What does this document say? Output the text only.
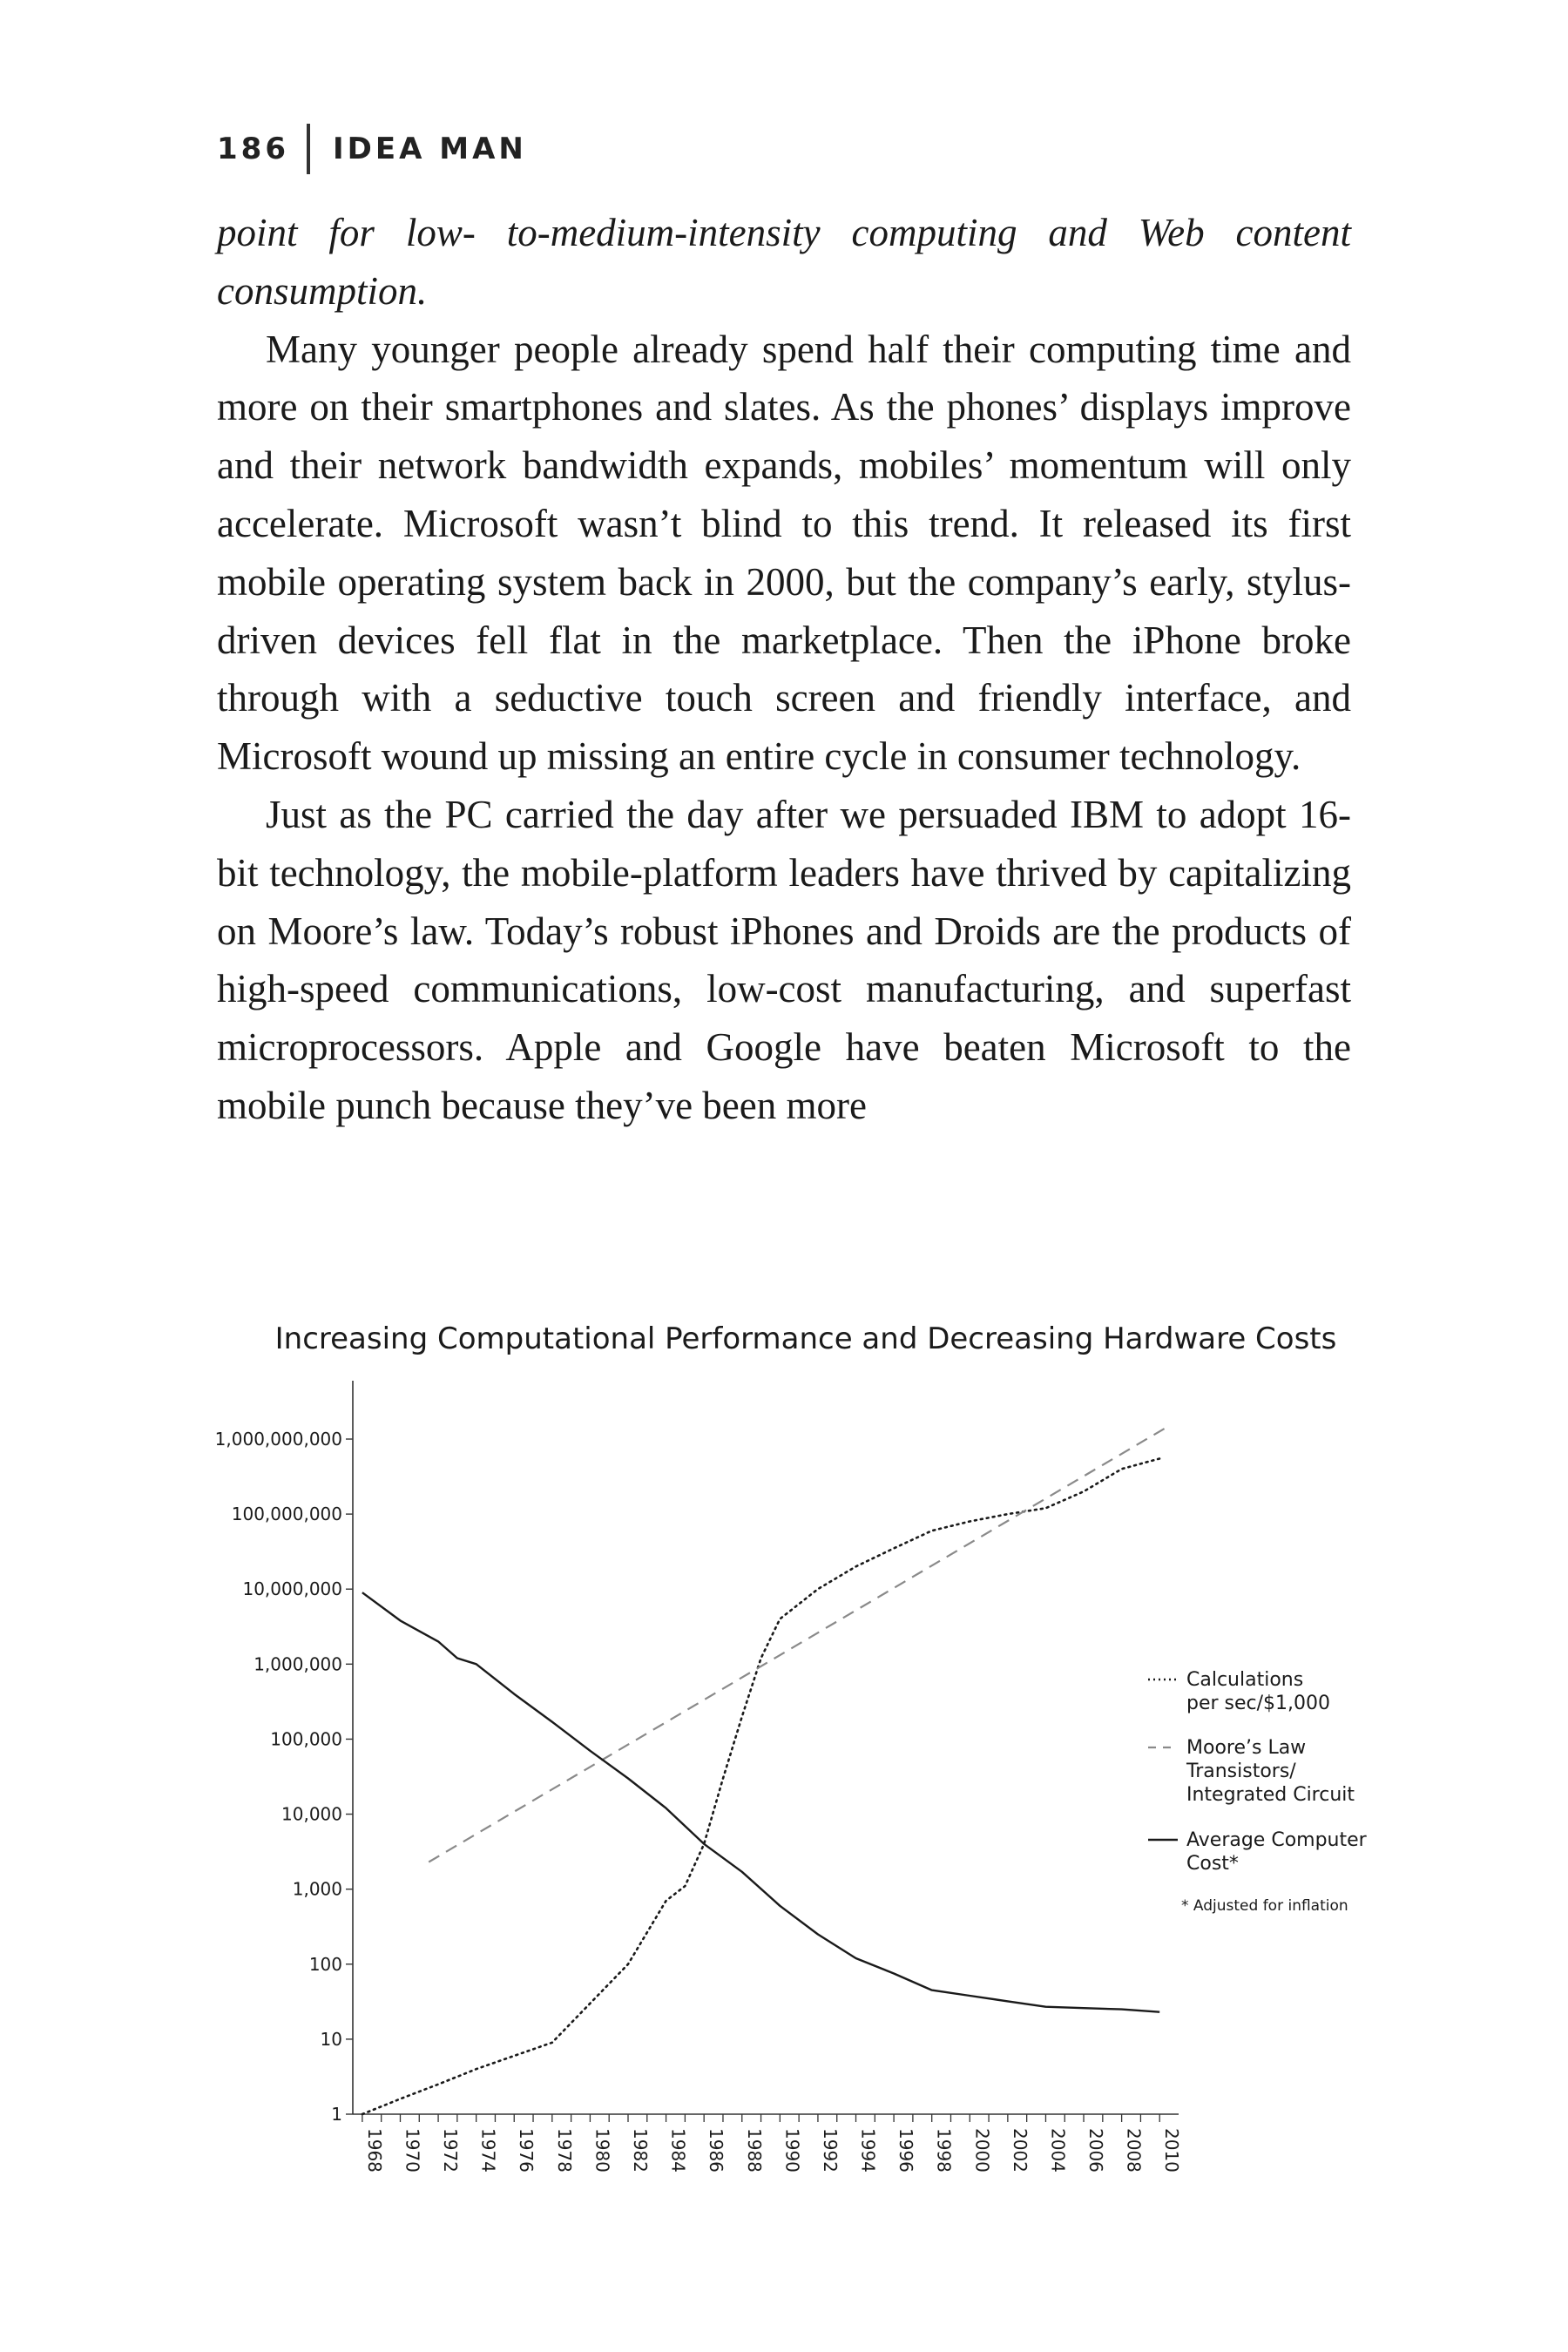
186 IDEA MAN

point for low- to-medium-intensity computing and Web content consumption.

Many younger people already spend half their computing time and more on their smartphones and slates. As the phones’ displays improve and their network bandwidth expands, mobiles’ momentum will only accelerate. Microsoft wasn’t blind to this trend. It released its first mobile operating system back in 2000, but the company’s early, stylus-driven devices fell flat in the marketplace. Then the iPhone broke through with a seductive touch screen and friendly interface, and Microsoft wound up missing an entire cycle in consumer technology.

Just as the PC carried the day after we persuaded IBM to adopt 16-bit technology, the mobile-platform leaders have thrived by capitalizing on Moore’s law. Today’s robust iPhones and Droids are the products of high-speed communications, low-cost manufacturing, and superfast microprocessors. Apple and Google have beaten Microsoft to the mobile punch because they’ve been more

Increasing Computational Performance and Decreasing Hardware Costs
1
10
100
1,000
10,000
100,000
1,000,000
10,000,000
100,000,000
1,000,000,000
1968 1970 1972 1974 1976 1978 1980 1982 1984 1986 1988 1990 1992 1994 1996 1998 2000 2002 2004 2006 2008 2010
Calculations
per sec/$1,000
Moore’s Law
Transistors/
Integrated Circuit
Average Computer
Cost*
* Adjusted for inflation
